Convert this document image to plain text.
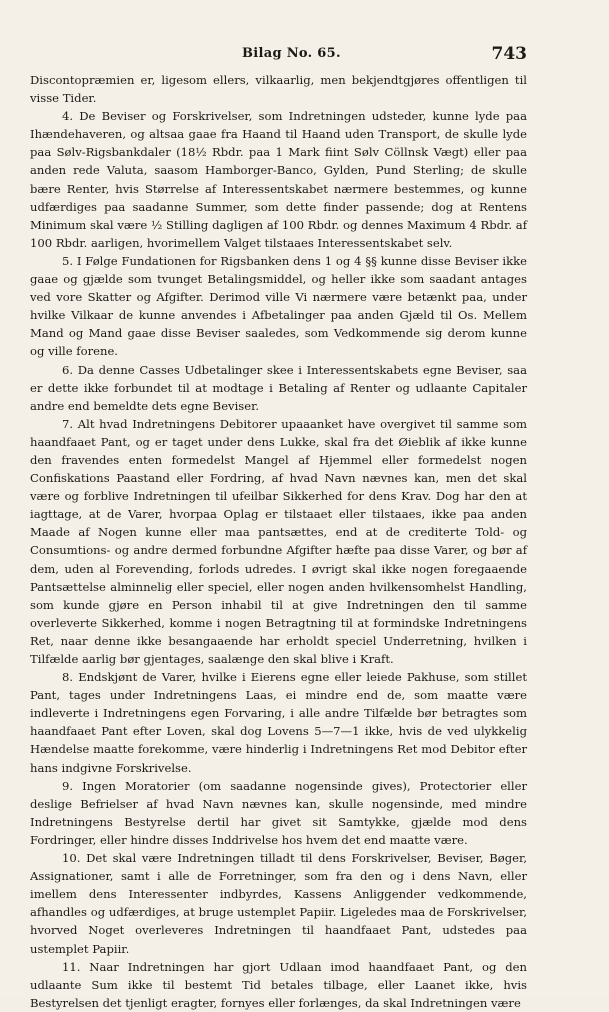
Bilag No. 65.	743

Discontopræmien er, ligesom ellers, vilkaarlig, men bekjendtgjøres offentligen til visse Tider.

4. De Beviser og Forskrivelser, som Indretningen udsteder, kunne lyde paa Ihændehaveren, og altsaa gaae fra Haand til Haand uden Transport, de skulle lyde paa Sølv-Rigsbankdaler (18½ Rbdr. paa 1 Mark fiint Sølv Cöllnsk Vægt) eller paa anden rede Valuta, saasom Hamborger-Banco, Gylden, Pund Sterling; de skulle bære Renter, hvis Størrelse af Interessentskabet nærmere bestemmes, og kunne udfærdiges paa saadanne Summer, som dette finder passende; dog at Rentens Minimum skal være ½ Stilling dagligen af 100 Rbdr. og dennes Maximum 4 Rbdr. af 100 Rbdr. aarligen, hvorimellem Valget tilstaaes Interessentskabet selv.

5. I Følge Fundationen for Rigsbanken dens 1 og 4 §§ kunne disse Beviser ikke gaae og gjælde som tvunget Betalingsmiddel, og heller ikke som saadant antages ved vore Skatter og Afgifter. Derimod ville Vi nærmere være betænkt paa, under hvilke Vilkaar de kunne anvendes i Afbetalinger paa anden Gjæld til Os. Mellem Mand og Mand gaae disse Beviser saaledes, som Vedkommende sig derom kunne og ville forene.

6. Da denne Casses Udbetalinger skee i Interessentskabets egne Beviser, saa er dette ikke forbundet til at modtage i Betaling af Renter og udlaante Capitaler andre end bemeldte dets egne Beviser.

7. Alt hvad Indretningens Debitorer upaaanket have overgivet til samme som haandfaaet Pant, og er taget under dens Lukke, skal fra det Øieblik af ikke kunne den fravendes enten formedelst Mangel af Hjemmel eller formedelst nogen Confiskations Paastand eller Fordring, af hvad Navn nævnes kan, men det skal være og forblive Indretningen til ufeilbar Sikkerhed for dens Krav. Dog har den at iagttage, at de Varer, hvorpaa Oplag er tilstaaet eller tilstaaes, ikke paa anden Maade af Nogen kunne eller maa pantsættes, end at de crediterte Told- og Consumtions- og andre dermed forbundne Afgifter hæfte paa disse Varer, og bør af dem, uden al Forevending, forlods udredes. I øvrigt skal ikke nogen foregaaende Pantsættelse alminnelig eller speciel, eller nogen anden hvilkensomhelst Handling, som kunde gjøre en Person inhabil til at give Indretningen den til samme overleverte Sikkerhed, komme i nogen Betragtning til at formindske Indretningens Ret, naar denne ikke besangaaende har erholdt speciel Underretning, hvilken i Tilfælde aarlig bør gjentages, saalænge den skal blive i Kraft.

8. Endskjønt de Varer, hvilke i Eierens egne eller leiede Pakhuse, som stillet Pant, tages under Indretningens Laas, ei mindre end de, som maatte være indleverte i Indretningens egen Forvaring, i alle andre Tilfælde bør betragtes som haandfaaet Pant efter Loven, skal dog Lovens 5—7—1 ikke, hvis de ved ulykkelig Hændelse maatte forekomme, være hinderlig i Indretningens Ret mod Debitor efter hans indgivne Forskrivelse.

9. Ingen Moratorier (om saadanne nogensinde gives), Protectorier eller deslige Befrielser af hvad Navn nævnes kan, skulle nogensinde, med mindre Indretningens Bestyrelse dertil har givet sit Samtykke, gjælde mod dens Fordringer, eller hindre disses Inddrivelse hos hvem det end maatte være.

10. Det skal være Indretningen tilladt til dens Forskrivelser, Beviser, Bøger, Assignationer, samt i alle de Forretninger, som fra den og i dens Navn, eller imellem dens Interessenter indbyrdes, Kassens Anliggender vedkommende, afhandles og udfærdiges, at bruge ustemplet Papiir. Ligeledes maa de Forskrivelser, hvorved Noget overleveres Indretningen til haandfaaet Pant, udstedes paa ustemplet Papiir.

11. Naar Indretningen har gjort Udlaan imod haandfaaet Pant, og den udlaante Sum ikke til bestemt Tid betales tilbage, eller Laanet ikke, hvis Bestyrelsen det tjenligt eragter, fornyes eller forlænges, da skal Indretningen være
